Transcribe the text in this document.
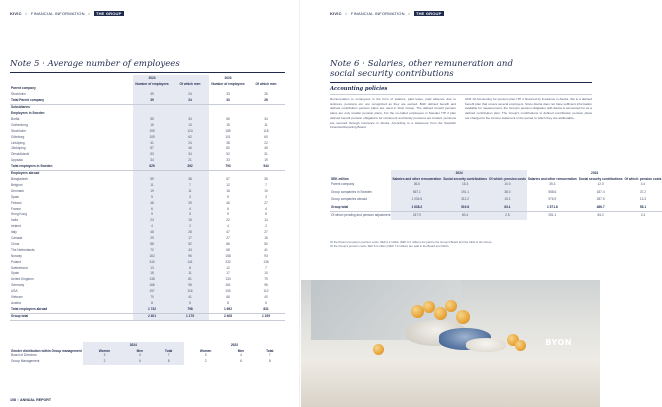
KIVIC // FINANCIAL INFORMATION // THE GROUP
Note 5 · Average number of employees
	2024		2023	
	Number of employees	Of which men	Number of employees	Of which men
Parent company				
Stockholm	39	24	33	26
Total Parent company	39	24	33	26
Subsidiaries				
Employees in Sweden				
Borås	55	34	56	34
Gothenburg	16	13	15	11
Stockholm	199	124	185	118
Göteborg	105	62	101	60
Linköping	41	24	38	22
Jönköping	87	46	80	45
Örnsköldsvik	53	34	52	31
Uppsala	34	21	33	19
Total employees in Sweden	629	392	793	544
Employees abroad				
Bangladesh	59	38	57	35
Belgium	11	7	12	7
Denmark	19	11	18	10
Spain	5	3	5	3
Finland	48	29	46	27
France	6	4	6	4
Hong Kong	9	5	9	5
India	24	15	22	14
Ireland	4	2	4	2
Italy	48	28	47	27
Canada	29	17	27	16
China	88	52	86	50
The Netherlands	72	43	68	41
Norway	162	96	158	93
Poland	240	141	232	136
Switzerland	13	8	12	7
Spain	18	11	17	10
United Kingdom	138	81	134	79
Germany	166	98	161	95
USA	197	116	190	112
Vietnam	70	41	68	40
Austria	8	5	8	5
Total employees abroad	1 732	798	1 692	831
Group total	2 401	1 175	2 408	1 199
Gender distribution within Group management	2024			2023		
	Women	Men	Total	Women	Men	Total
Board of Directors	3	4	7	3	4	7
Group Management	2	6	8	2	6	8
108 // ANNUAL REPORT
KIVIC // FINANCIAL INFORMATION // THE GROUP
Note 6 · Salaries, other remuneration and
social security contributions
Accounting policies
Remuneration to employees in the form of salaries, paid leave, paid absence due to sickness, pensions etc. are recognized as they are earned. Both defined benefit and defined contribution pension plans are used in Kivic Group. The defined benefit pension plans are only smaller pension plans. For the so-called employees in Sweden ITP 2 plan defined benefit pension obligations for retirement and family pensions are funded, pensions are secured through insurance in Alecta. According to a statement from the Swedish Financial Reporting Board,
UFR 10 Accounting for pension plan ITP 2 financed by insurance in Alecta, this is a defined benefit plan that covers several employers. Since Alecta does not have sufficient information available for measurement, the Group's pension obligation with Alecta is accounted for as a defined contribution plan. The Group's contributions to defined contribution pension plans are charged to the income statement in the period to which they are attributable.
	2024			2023		
SEK million	Salaries and other remuneration	Social security contributions	Of which: pension costs	Salaries and other remuneration	Social security contributions	Of which: pension costs
Parent company	36.6	16.3	10.0	35.3	12.0	4.4
Group companies in Sweden	567.1	191.1	38.0	558.6	187.4	37.2
Group companies abroad	1 034.5	312.2	15.1	976.9	287.5	13.3
Group total	1 638.2	519.6	63.1	1 571.8	486.7	55.1
Of which pending and pension adjustment	247.9	80.4	2.5	251.1	84.2	2.4
Of the Parent company's pension costs, SEK 0.3 million (SEK 0.2 million) are paid to the Group's Board and the CEO of the Group.
Of the Group's pension costs, SEK 6.0 million (SEK 7.9 million) are paid to the Board and CEOs.
BYON
